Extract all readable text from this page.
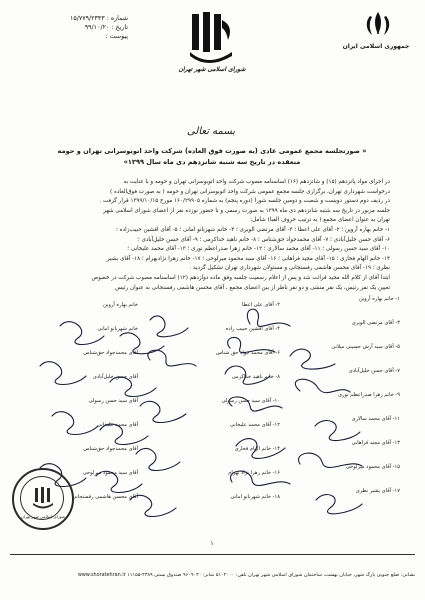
جمهوری اسلامی ایران
شورای اسلامی شهر تهران
شماره : ۱۵/۷۷۹/۲۳۴۳
تاریخ : ۹۹/۱۰/۲۰
پیوست :
بسمه تعالی
« صورتجلسه مجمع عمومی عادی (به صورت فوق العاده) شرکت واحد اتوبوسرانی تهران و حومه
منعقده در تاریخ سه شنبه شانزدهم دی ماه سال ۱۳۹۹»
در اجرای مواد پانزدهم (۱۵) و شانزدهم (۱۶) اساسنامه مصوب شرکت واحد اتوبوسرانی تهران و حومه و با عنایت به
درخواست شهرداری تهران، برگزاری جلسه مجمع عمومی شرکت واحد اتوبوسرانی تهران و حومه ( به صورت فوق‌العاده )
در ردیف دوم دستور دویست و شصت و دومین جلسه شورا (دوره پنجم) به شماره ۱۶۰/۲۹۹۰۵ مورخ ۱۳۹۹/۱۰/۱۵ قرار گرفت .
جلسه مزبور در تاریخ سه شنبه شانزدهم دی ماه ۱۳۹۹ به صورت رسمی و با حضور نوزده نفر از اعضای شورای اسلامی شهر
تهران به عنوان اعضای مجمع ( به ترتیب حروف الفبا) شامل:
۱- خانم بهاره آروین ؛ ۲- آقای علی اعطا ؛ ۳- آقای مرتضی الویری ؛ ۴- خانم شهربانو امانی ؛ ۵- آقای افشین حبیب‌زاده ؛
۶- آقای حسن خلیل‌آبادی ؛ ۷- آقای محمدجواد حق‌شناس ؛ ۸- خانم ناهید خداکرمی ؛ ۹- آقای حسن خلیل‌آبادی ؛
۱۰- آقای سید حسن رسولی ؛ ۱۱- آقای محمد سالاری ؛ ۱۲- خانم زهرا صدراعظم نوری ؛ ۱۳- آقای محمد علیخانی ؛
۱۴- خانم الهام فخاری ؛ ۱۵- آقای مجید فراهانی ؛ ۱۶- آقای سید محمود میرلوحی ؛ ۱۷- خانم زهرا نژادبهرام ؛ ۱۸- آقای بشیر
نظری ؛ ۱۹- آقای محسن هاشمی رفسنجانی و مسئولان شهرداری تهران تشکیل گردید .
ابتدا آقای از کلام الله مجید قرائت شد و پس از اعلام رسمیت جلسه وفق ماده دوازدهم (۱۲) اساسنامه مصوب شرکت در خصوص
تعیین یک نفر رئیس، یک نفر منشی و دو نفر ناظر از بین اعضای مجمع ، آقای محسن هاشمی رفسنجانی به عنوان رئیس
۱- خانم بهاره آروین
۳- آقای مرتضی الویری
۵- آقای سید آرش حسینی میلانی
۷- آقای حسن خلیل‌آبادی
۹- خانم زهرا صدراعظم نوری
۱۱- آقای محمد سالاری
۱۳- آقای مجید فراهانی
۱۵- آقای محمود میرلوحی
۱۷- آقای بشیر نظری
۲- آقای علی اعطا
۴- آقای افشین حبیب زاده
۶- آقای محمد جواد حق شناس
۸- خانم ناهید خداکرمی
۱۰- آقای سید حسن رسولی
۱۲- آقای محمد علیخانی
۱۴- خانم الهام فخاری
۱۶- خانم زهرا نژاد بهرام
۱۸- خانم شهربانو امانی
خانم بهاره آروین
خانم شهربانو امانی
آقای محمدجواد حق‌شناس
آقای حسن خلیل‌آبادی
آقای سید حسن رسولی
آقای محمد علیخانی
آقای محمدجواد حق‌شناس
آقای سید محمود میرلوحی
آقای محسن هاشمی رفسنجانی
شورای اسلامی شهر تهران
۱
نشانی: ضلع جنوبی پارک شهر، خیابان بهشت، ساختمان شورای اسلامی شهر تهران تلفن: ۵۱۰۲۰۰۰ نمابر: ۹۶۰۹۰۳۰ صندوق پستی ۴۳۸۹-۱۱۱۵۵ www.shoratehran.ir
